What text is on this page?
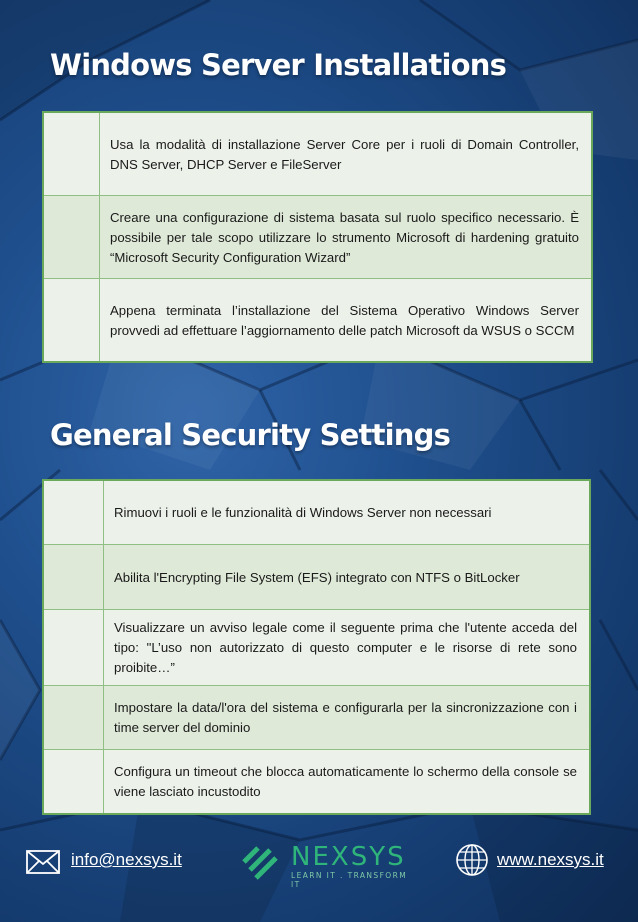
Windows Server Installations
	Usa la modalità di installazione Server Core per i ruoli di Domain Controller, DNS Server, DHCP Server e FileServer
	Creare una configurazione di sistema basata sul ruolo specifico necessario. È possibile per tale scopo utilizzare lo strumento Microsoft di hardening gratuito “Microsoft Security Configuration Wizard”
	Appena terminata l’installazione del Sistema Operativo Windows Server provvedi ad effettuare l’aggiornamento delle patch Microsoft da WSUS o SCCM
General Security Settings
	Rimuovi i ruoli e le funzionalità di Windows Server non necessari
	Abilita l'Encrypting File System (EFS) integrato con NTFS o BitLocker
	Visualizzare un avviso legale come il seguente prima che l'utente acceda del tipo: "L’uso non autorizzato di questo computer e le risorse di rete sono proibite…”
	Impostare la data/l'ora del sistema e configurarla per la sincronizzazione con i time server del dominio
	Configura un timeout che blocca automaticamente lo schermo della console se viene lasciato incustodito
info@nexsys.it	NEXSYS
LEARN IT . TRANSFORM IT
www.nexsys.it
